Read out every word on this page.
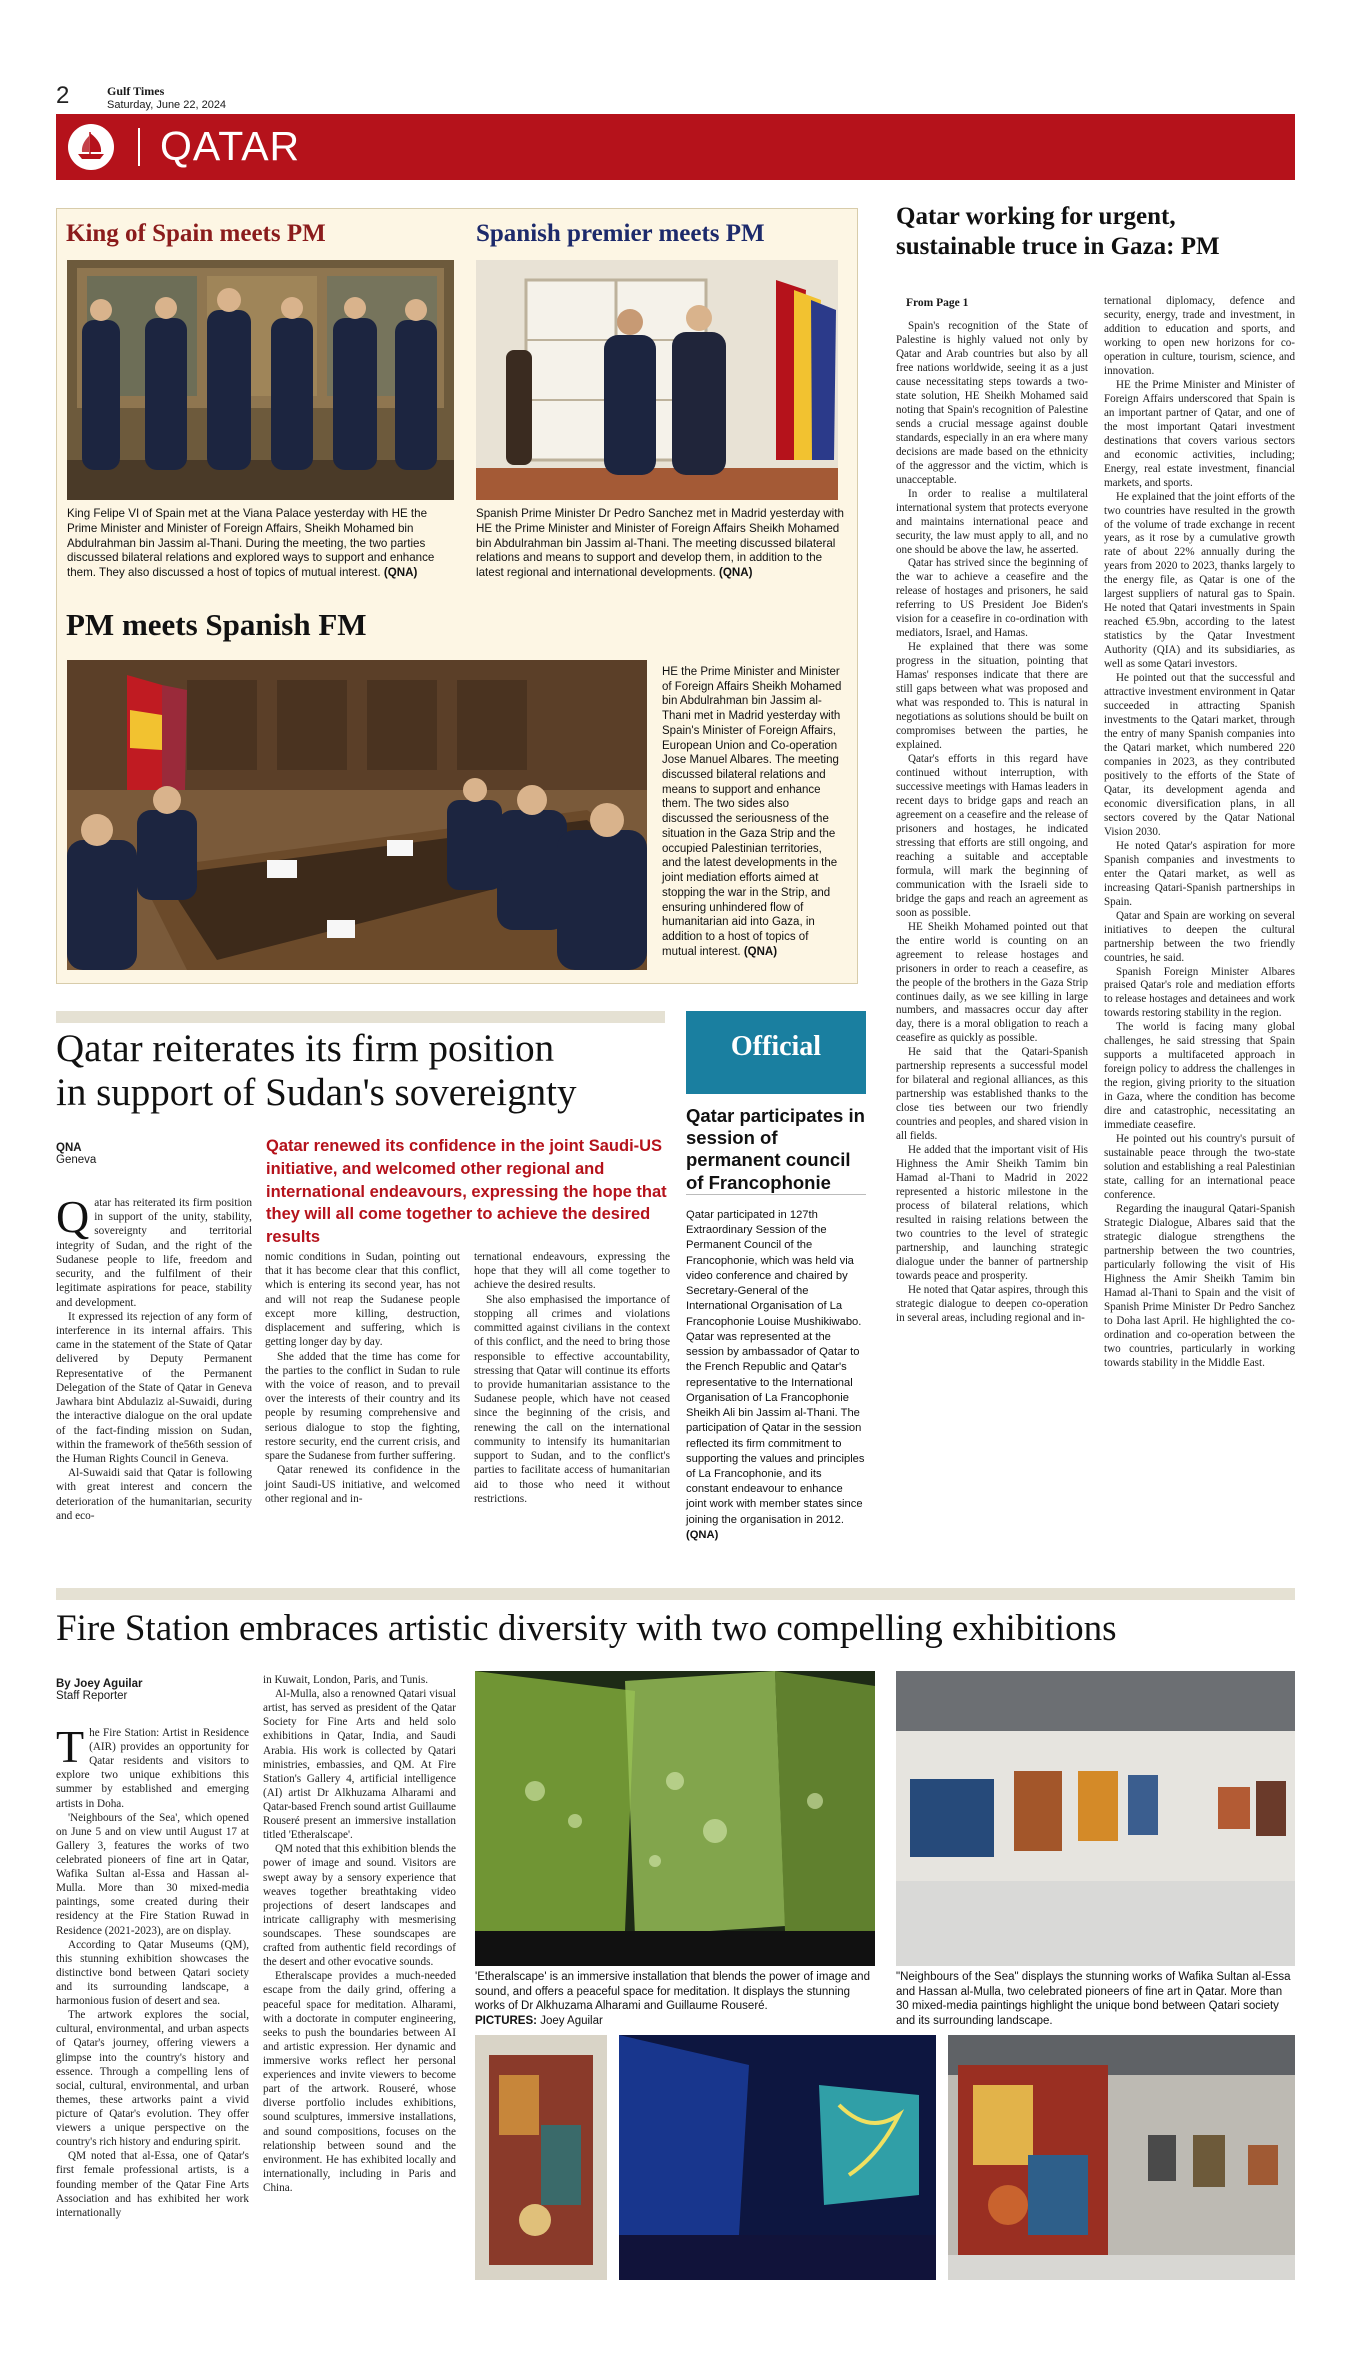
2	Gulf Times
Saturday, June 22, 2024
QATAR
King of Spain meets PM
King Felipe VI of Spain met at the Viana Palace yesterday with HE the Prime Minister and Minister of Foreign Affairs, Sheikh Mohamed bin Abdulrahman bin Jassim al-Thani. During the meeting, the two parties discussed bilateral relations and explored ways to support and enhance them. They also discussed a host of topics of mutual interest. (QNA)
Spanish premier meets PM
Spanish Prime Minister Dr Pedro Sanchez met in Madrid yesterday with HE the Prime Minister and Minister of Foreign Affairs Sheikh Mohamed bin Abdulrahman bin Jassim al-Thani. The meeting discussed bilateral relations and means to support and develop them, in addition to the latest regional and international developments. (QNA)
PM meets Spanish FM
HE the Prime Minister and Minister of Foreign Affairs Sheikh Mohamed bin Abdulrahman bin Jassim al-Thani met in Madrid yesterday with Spain's Minister of Foreign Affairs, European Union and Co-operation Jose Manuel Albares. The meeting discussed bilateral relations and means to support and enhance them. The two sides also discussed the seriousness of the situation in the Gaza Strip and the occupied Palestinian territories, and the latest developments in the joint mediation efforts aimed at stopping the war in the Strip, and ensuring unhindered flow of humanitarian aid into Gaza, in addition to a host of topics of mutual interest. (QNA)
Qatar working for urgent, sustainable truce in Gaza: PM
From Page 1

Spain's recognition of the State of Palestine is highly valued not only by Qatar and Arab countries but also by all free nations worldwide, seeing it as a just cause necessitating steps towards a two-state solution, HE Sheikh Mohamed said noting that Spain's recognition of Palestine sends a crucial message against double standards, especially in an era where many decisions are made based on the ethnicity of the aggressor and the victim, which is unacceptable.

In order to realise a multilateral international system that protects everyone and maintains international peace and security, the law must apply to all, and no one should be above the law, he asserted.

Qatar has strived since the beginning of the war to achieve a ceasefire and the release of hostages and prisoners, he said referring to US President Joe Biden's vision for a ceasefire in co-ordination with mediators, Israel, and Hamas.

He explained that there was some progress in the situation, pointing that Hamas' responses indicate that there are still gaps between what was proposed and what was responded to. This is natural in negotiations as solutions should be built on compromises between the parties, he explained.

Qatar's efforts in this regard have continued without interruption, with successive meetings with Hamas leaders in recent days to bridge gaps and reach an agreement on a ceasefire and the release of prisoners and hostages, he indicated stressing that efforts are still ongoing, and reaching a suitable and acceptable formula, will mark the beginning of communication with the Israeli side to bridge the gaps and reach an agreement as soon as possible.

HE Sheikh Mohamed pointed out that the entire world is counting on an agreement to release hostages and prisoners in order to reach a ceasefire, as the people of the brothers in the Gaza Strip continues daily, as we see killing in large numbers, and massacres occur day after day, there is a moral obligation to reach a ceasefire as quickly as possible.

He said that the Qatari-Spanish partnership represents a successful model for bilateral and regional alliances, as this partnership was established thanks to the close ties between our two friendly countries and peoples, and shared vision in all fields.

He added that the important visit of His Highness the Amir Sheikh Tamim bin Hamad al-Thani to Madrid in 2022 represented a historic milestone in the process of bilateral relations, which resulted in raising relations between the two countries to the level of strategic partnership, and launching strategic dialogue under the banner of partnership towards peace and prosperity.

He noted that Qatar aspires, through this strategic dialogue to deepen co-operation in several areas, including regional and in-

ternational diplomacy, defence and security, energy, trade and investment, in addition to education and sports, and working to open new horizons for co-operation in culture, tourism, science, and innovation.

HE the Prime Minister and Minister of Foreign Affairs underscored that Spain is an important partner of Qatar, and one of the most important Qatari investment destinations that covers various sectors and economic activities, including; Energy, real estate investment, financial markets, and sports.

He explained that the joint efforts of the two countries have resulted in the growth of the volume of trade exchange in recent years, as it rose by a cumulative growth rate of about 22% annually during the years from 2020 to 2023, thanks largely to the energy file, as Qatar is one of the largest suppliers of natural gas to Spain. He noted that Qatari investments in Spain reached €5.9bn, according to the latest statistics by the Qatar Investment Authority (QIA) and its subsidiaries, as well as some Qatari investors.

He pointed out that the successful and attractive investment environment in Qatar succeeded in attracting Spanish investments to the Qatari market, through the entry of many Spanish companies into the Qatari market, which numbered 220 companies in 2023, as they contributed positively to the efforts of the State of Qatar, its development agenda and economic diversification plans, in all sectors covered by the Qatar National Vision 2030.

He noted Qatar's aspiration for more Spanish companies and investments to enter the Qatari market, as well as increasing Qatari-Spanish partnerships in Spain.

Qatar and Spain are working on several initiatives to deepen the cultural partnership between the two friendly countries, he said.

Spanish Foreign Minister Albares praised Qatar's role and mediation efforts to release hostages and detainees and work towards restoring stability in the region.

The world is facing many global challenges, he said stressing that Spain supports a multifaceted approach in foreign policy to address the challenges in the region, giving priority to the situation in Gaza, where the condition has become dire and catastrophic, necessitating an immediate ceasefire.

He pointed out his country's pursuit of sustainable peace through the two-state solution and establishing a real Palestinian state, calling for an international peace conference.

Regarding the inaugural Qatari-Spanish Strategic Dialogue, Albares said that the strategic dialogue strengthens the partnership between the two countries, particularly following the visit of His Highness the Amir Sheikh Tamim bin Hamad al-Thani to Spain and the visit of Spanish Prime Minister Dr Pedro Sanchez to Doha last April. He highlighted the co-ordination and co-operation between the two countries, particularly in working towards stability in the Middle East.

Qatar reiterates its firm position
in support of Sudan's sovereignty
QNA
Geneva
Qatar renewed its confidence in the joint Saudi-US initiative, and welcomed other regional and international endeavours, expressing the hope that they will all come together to achieve the desired results

Qatar has reiterated its firm position in support of the unity, stability, sovereignty and territorial integrity of Sudan, and the right of the Sudanese people to life, freedom and security, and the fulfilment of their legitimate aspirations for peace, stability and development.

It expressed its rejection of any form of interference in its internal affairs. This came in the statement of the State of Qatar delivered by Deputy Permanent Representative of the Permanent Delegation of the State of Qatar in Geneva Jawhara bint Abdulaziz al-Suwaidi, during the interactive dialogue on the oral update of the fact-finding mission on Sudan, within the framework of the56th session of the Human Rights Council in Geneva.

Al-Suwaidi said that Qatar is following with great interest and concern the deterioration of the humanitarian, security and eco-

nomic conditions in Sudan, pointing out that it has become clear that this conflict, which is entering its second year, has not and will not reap the Sudanese people except more killing, destruction, displacement and suffering, which is getting longer day by day.

She added that the time has come for the parties to the conflict in Sudan to rule with the voice of reason, and to prevail over the interests of their country and its people by resuming comprehensive and serious dialogue to stop the fighting, restore security, end the current crisis, and spare the Sudanese from further suffering.

Qatar renewed its confidence in the joint Saudi-US initiative, and welcomed other regional and in-

ternational endeavours, expressing the hope that they will all come together to achieve the desired results.

She also emphasised the importance of stopping all crimes and violations committed against civilians in the context of this conflict, and the need to bring those responsible to effective accountability, stressing that Qatar will continue its efforts to provide humanitarian assistance to the Sudanese people, which have not ceased since the beginning of the crisis, and renewing the call on the international community to intensify its humanitarian support to Sudan, and to the conflict's parties to facilitate access of humanitarian aid to those who need it without restrictions.

Official
Qatar participates in session of permanent council of Francophonie
Qatar participated in 127th Extraordinary Session of the Permanent Council of the Francophonie, which was held via video conference and chaired by Secretary-General of the International Organisation of La Francophonie Louise Mushikiwabo. Qatar was represented at the session by ambassador of Qatar to the French Republic and Qatar's representative to the International Organisation of La Francophonie Sheikh Ali bin Jassim al-Thani. The participation of Qatar in the session reflected its firm commitment to supporting the values and principles of La Francophonie, and its constant endeavour to enhance joint work with member states since joining the organisation in 2012. (QNA)
Fire Station embraces artistic diversity with two compelling exhibitions
By Joey Aguilar
Staff Reporter

The Fire Station: Artist in Residence (AIR) provides an opportunity for Qatar residents and visitors to explore two unique exhibitions this summer by established and emerging artists in Doha.

'Neighbours of the Sea', which opened on June 5 and on view until August 17 at Gallery 3, features the works of two celebrated pioneers of fine art in Qatar, Wafika Sultan al-Essa and Hassan al-Mulla. More than 30 mixed-media paintings, some created during their residency at the Fire Station Ruwad in Residence (2021-2023), are on display.

According to Qatar Museums (QM), this stunning exhibition showcases the distinctive bond between Qatari society and its surrounding landscape, a harmonious fusion of desert and sea.

The artwork explores the social, cultural, environmental, and urban aspects of Qatar's journey, offering viewers a glimpse into the country's history and essence. Through a compelling lens of social, cultural, environmental, and urban themes, these artworks paint a vivid picture of Qatar's evolution. They offer viewers a unique perspective on the country's rich history and enduring spirit.

QM noted that al-Essa, one of Qatar's first female professional artists, is a founding member of the Qatar Fine Arts Association and has exhibited her work internationally

in Kuwait, London, Paris, and Tunis.

Al-Mulla, also a renowned Qatari visual artist, has served as president of the Qatar Society for Fine Arts and held solo exhibitions in Qatar, India, and Saudi Arabia. His work is collected by Qatari ministries, embassies, and QM. At Fire Station's Gallery 4, artificial intelligence (AI) artist Dr Alkhuzama Alharami and Qatar-based French sound artist Guillaume Rouseré present an immersive installation titled 'Etheralscape'.

QM noted that this exhibition blends the power of image and sound. Visitors are swept away by a sensory experience that weaves together breathtaking video projections of desert landscapes and intricate calligraphy with mesmerising soundscapes. These soundscapes are crafted from authentic field recordings of the desert and other evocative sounds.

Etheralscape provides a much-needed escape from the daily grind, offering a peaceful space for meditation. Alharami, with a doctorate in computer engineering, seeks to push the boundaries between AI and artistic expression. Her dynamic and immersive works reflect her personal experiences and invite viewers to become part of the artwork. Rouseré, whose diverse portfolio includes exhibitions, sound sculptures, immersive installations, and sound compositions, focuses on the relationship between sound and the environment. He has exhibited locally and internationally, including in Paris and China.

'Etheralscape' is an immersive installation that blends the power of image and sound, and offers a peaceful space for meditation. It displays the stunning works of Dr Alkhuzama Alharami and Guillaume Rouseré.
PICTURES: Joey Aguilar
"Neighbours of the Sea" displays the stunning works of Wafika Sultan al-Essa and Hassan al-Mulla, two celebrated pioneers of fine art in Qatar. More than 30 mixed-media paintings highlight the unique bond between Qatari society and its surrounding landscape.
